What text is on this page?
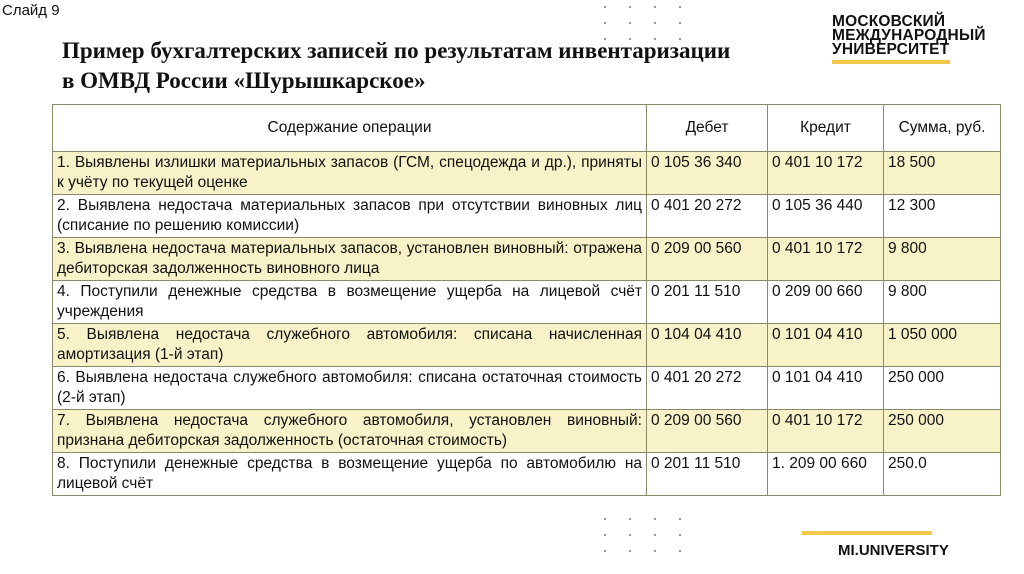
Слайд 9
Пример бухгалтерских записей по результатам инвентаризации
в ОМВД России «Шурышкарское»
МОСКОВСКИЙ
МЕЖДУНАРОДНЫЙ
УНИВЕРСИТЕТ
Содержание операции	Дебет	Кредит	Сумма, руб.
1. Выявлены излишки материальных запасов (ГСМ, спецодежда и др.), приняты к учёту по текущей оценке	0 105 36 340	0 401 10 172	18 500
2. Выявлена недостача материальных запасов при отсутствии виновных лиц (списание по решению комиссии)	0 401 20 272	0 105 36 440	12 300
3. Выявлена недостача материальных запасов, установлен виновный: отражена дебиторская задолженность виновного лица	0 209 00 560	0 401 10 172	9 800
4. Поступили денежные средства в возмещение ущерба на лицевой счёт учреждения	0 201 11 510	0 209 00 660	9 800
5. Выявлена недостача служебного автомобиля: списана начисленная амортизация (1-й этап)	0 104 04 410	0 101 04 410	1 050 000
6. Выявлена недостача служебного автомобиля: списана остаточная стоимость (2-й этап)	0 401 20 272	0 101 04 410	250 000
7. Выявлена недостача служебного автомобиля, установлен виновный: признана дебиторская задолженность (остаточная стоимость)	0 209 00 560	0 401 10 172	250 000
8. Поступили денежные средства в возмещение ущерба по автомобилю на лицевой счёт	0 201 11 510	1. 209 00 660	250.0
MI.UNIVERSITY
